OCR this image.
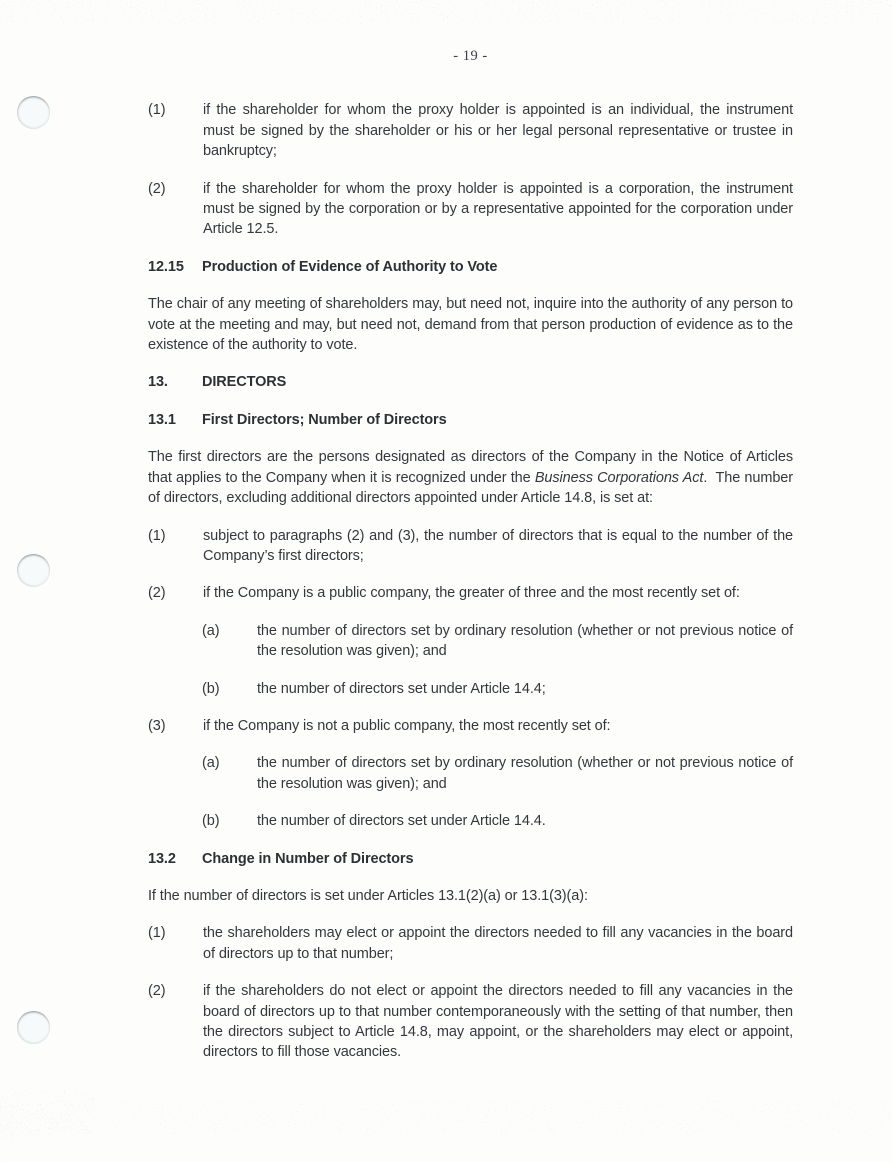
- 19 -
(1)	if the shareholder for whom the proxy holder is appointed is an individual, the instrument must be signed by the shareholder or his or her legal personal representative or trustee in bankruptcy;
(2)	if the shareholder for whom the proxy holder is appointed is a corporation, the instrument must be signed by the corporation or by a representative appointed for the corporation under Article 12.5.
12.15	Production of Evidence of Authority to Vote
The chair of any meeting of shareholders may, but need not, inquire into the authority of any person to vote at the meeting and may, but need not, demand from that person production of evidence as to the existence of the authority to vote.
13.	DIRECTORS
13.1	First Directors; Number of Directors
The first directors are the persons designated as directors of the Company in the Notice of Articles that applies to the Company when it is recognized under the Business Corporations Act.  The number of directors, excluding additional directors appointed under Article 14.8, is set at:
(1)	subject to paragraphs (2) and (3), the number of directors that is equal to the number of the Company’s first directors;
(2)	if the Company is a public company, the greater of three and the most recently set of:
(a)	the number of directors set by ordinary resolution (whether or not previous notice of the resolution was given); and
(b)	the number of directors set under Article 14.4;
(3)	if the Company is not a public company, the most recently set of:
(a)	the number of directors set by ordinary resolution (whether or not previous notice of the resolution was given); and
(b)	the number of directors set under Article 14.4.
13.2	Change in Number of Directors
If the number of directors is set under Articles 13.1(2)(a) or 13.1(3)(a):
(1)	the shareholders may elect or appoint the directors needed to fill any vacancies in the board of directors up to that number;
(2)	if the shareholders do not elect or appoint the directors needed to fill any vacancies in the board of directors up to that number contemporaneously with the setting of that number, then the directors subject to Article 14.8, may appoint, or the shareholders may elect or appoint, directors to fill those vacancies.
